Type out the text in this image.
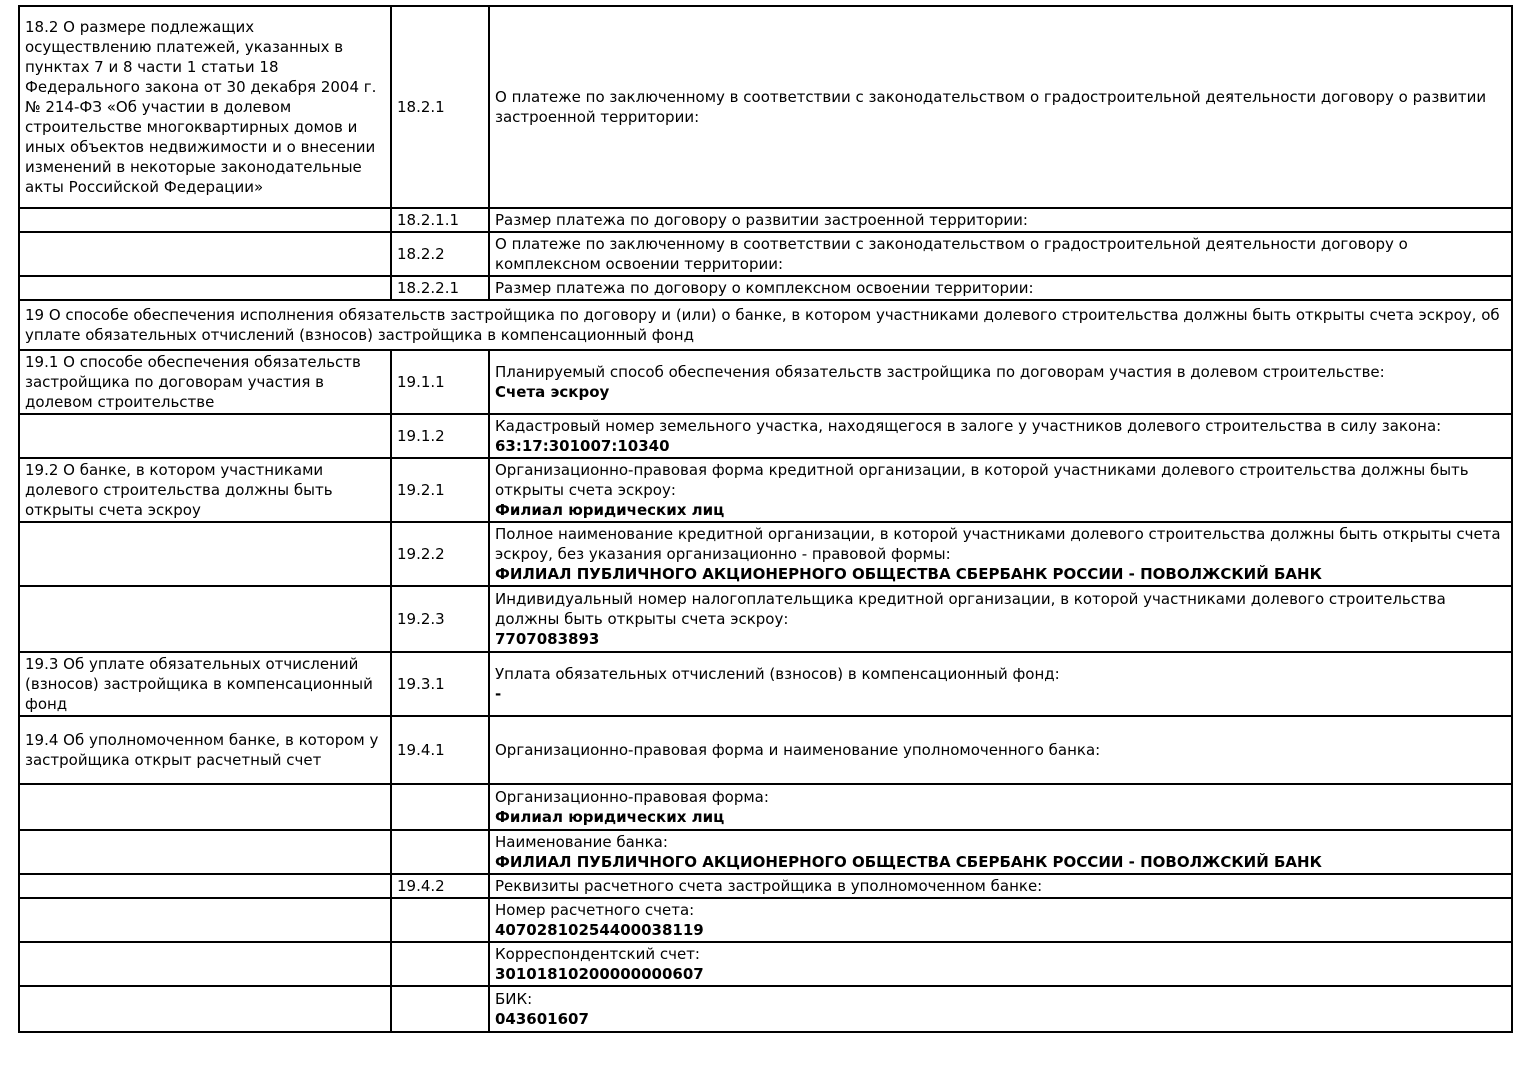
18.2 О размере подлежащих осуществлению платежей, указанных в пунктах 7 и 8 части 1 статьи 18 Федерального закона от 30 декабря 2004 г. № 214-ФЗ «Об участии в долевом строительстве многоквартирных домов и иных объектов недвижимости и о внесении изменений в некоторые законодательные акты Российской Федерации»	18.2.1	О платеже по заключенному в соответствии с законодательством о градостроительной деятельности договору о развитии застроенной территории:

	18.2.1.1	Размер платежа по договору о развитии застроенной территории:

	18.2.2	О платеже по заключенному в соответствии с законодательством о градостроительной деятельности договору о комплексном освоении территории:

	18.2.2.1	Размер платежа по договору о комплексном освоении территории:

19 О способе обеспечения исполнения обязательств застройщика по договору и (или) о банке, в котором участниками долевого строительства должны быть открыты счета эскроу, об уплате обязательных отчислений (взносов) застройщика в компенсационный фонд		
19.1 О способе обеспечения обязательств застройщика по договорам участия в долевом строительстве	19.1.1	Планируемый способ обеспечения обязательств застройщика по договорам участия в долевом строительстве:
Счета эскроу

	19.1.2	Кадастровый номер земельного участка, находящегося в залоге у участников долевого строительства в силу закона:
63:17:301007:10340

19.2 О банке, в котором участниками долевого строительства должны быть открыты счета эскроу	19.2.1	Организационно-правовая форма кредитной организации, в которой участниками долевого строительства должны быть открыты счета эскроу:
Филиал юридических лиц

	19.2.2	Полное наименование кредитной организации, в которой участниками долевого строительства должны быть открыты счета эскроу, без указания организационно - правовой формы:
ФИЛИАЛ ПУБЛИЧНОГО АКЦИОНЕРНОГО ОБЩЕСТВА СБЕРБАНК РОССИИ - ПОВОЛЖСКИЙ БАНК

	19.2.3	Индивидуальный номер налогоплательщика кредитной организации, в которой участниками долевого строительства должны быть открыты счета эскроу:
7707083893

19.3 Об уплате обязательных отчислений (взносов) застройщика в компенсационный фонд	19.3.1	Уплата обязательных отчислений (взносов) в компенсационный фонд:
-

19.4 Об уполномоченном банке, в котором у застройщика открыт расчетный счет	19.4.1	Организационно-правовая форма и наименование уполномоченного банка:

		Организационно-правовая форма:
Филиал юридических лиц

		Наименование банка:
ФИЛИАЛ ПУБЛИЧНОГО АКЦИОНЕРНОГО ОБЩЕСТВА СБЕРБАНК РОССИИ - ПОВОЛЖСКИЙ БАНК

	19.4.2	Реквизиты расчетного счета застройщика в уполномоченном банке:

		Номер расчетного счета:
40702810254400038119

		Корреспондентский счет:
30101810200000000607

		БИК:
043601607
